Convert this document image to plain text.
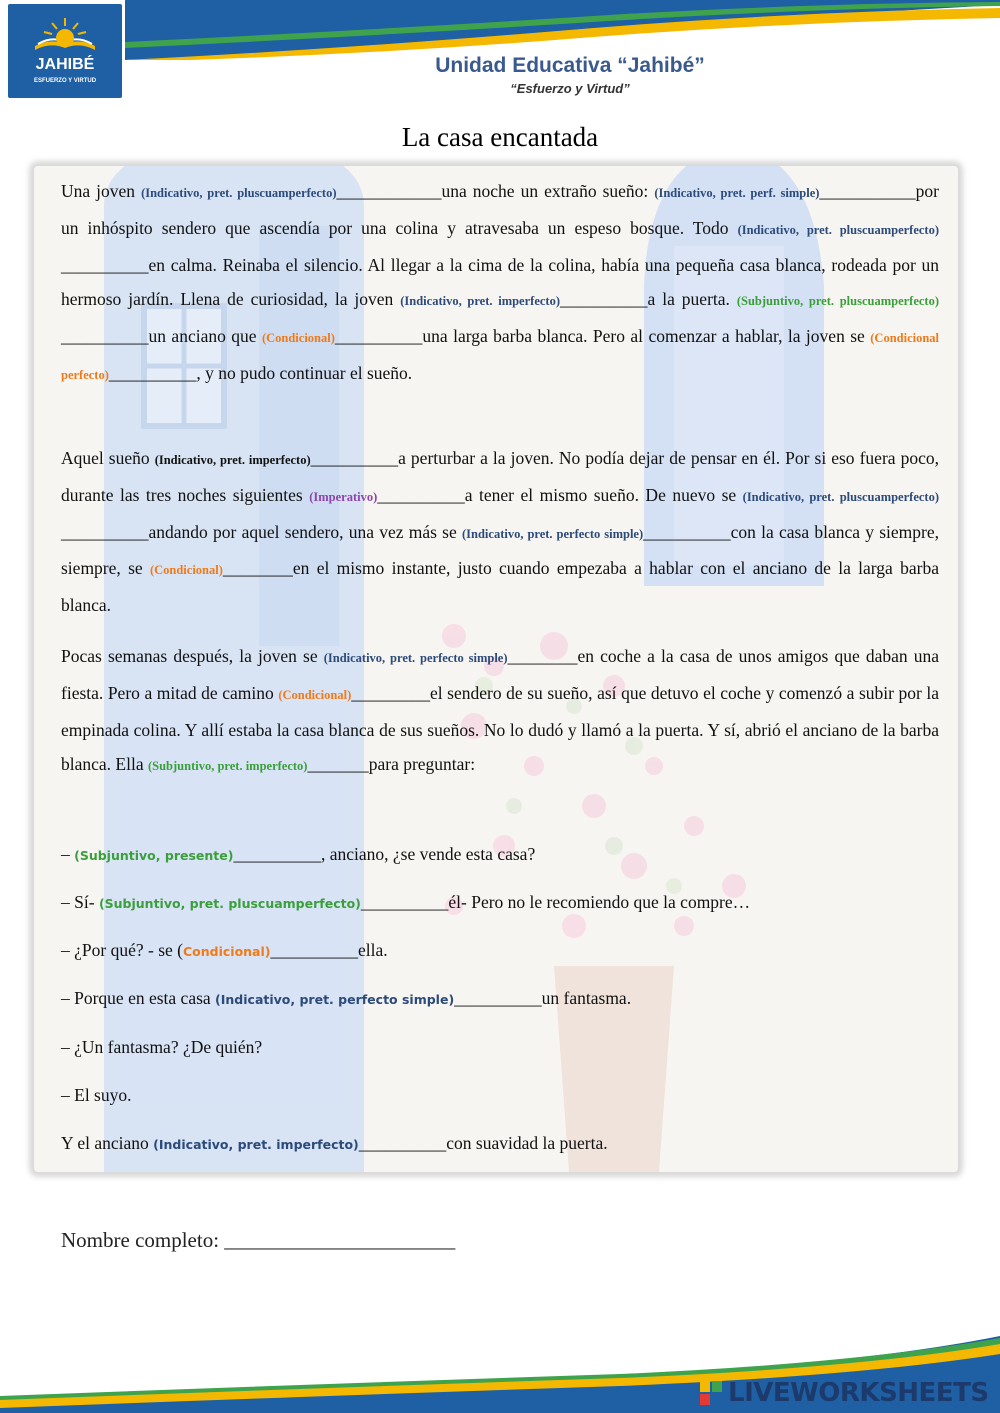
JAHIBÉ
ESFUERZO Y VIRTUD
Unidad Educativa “Jahibé”
“Esfuerzo y Virtud”
La casa encantada

Una joven (Indicativo, pret. pluscuamperfecto)____________una noche un extraño sueño: (Indicativo, pret. perf. simple)___________por un inhóspito sendero que ascendía por una colina y atravesaba un espeso bosque. Todo (Indicativo, pret. pluscuamperfecto)__________en calma. Reinaba el silencio. Al llegar a la cima de la colina, había una pequeña casa blanca, rodeada por un hermoso jardín. Llena de curiosidad, la joven (Indicativo, pret. imperfecto)__________a la puerta. (Subjuntivo, pret. pluscuamperfecto)__________un anciano que (Condicional)__________una larga barba blanca. Pero al comenzar a hablar, la joven se (Condicional perfecto)__________, y no pudo continuar el sueño.

Aquel sueño (Indicativo, pret. imperfecto)__________a perturbar a la joven. No podía dejar de pensar en él. Por si eso fuera poco, durante las tres noches siguientes (Imperativo)__________a tener el mismo sueño. De nuevo se (Indicativo, pret. pluscuamperfecto)__________andando por aquel sendero, una vez más se (Indicativo, pret. perfecto simple)__________con la casa blanca y siempre, siempre, se (Condicional)________en el mismo instante, justo cuando empezaba a hablar con el anciano de la larga barba blanca.

Pocas semanas después, la joven se (Indicativo, pret. perfecto simple)________en coche a la casa de unos amigos que daban una fiesta. Pero a mitad de camino (Condicional)_________el sendero de su sueño, así que detuvo el coche y comenzó a subir por la empinada colina. Y allí estaba la casa blanca de sus sueños. No lo dudó y llamó a la puerta. Y sí, abrió el anciano de la barba blanca. Ella (Subjuntivo, pret. imperfecto)_______para preguntar:

– (Subjuntivo, presente)__________, anciano, ¿se vende esta casa?
– Sí- (Subjuntivo, pret. pluscuamperfecto)__________él- Pero no le recomiendo que la compre…
– ¿Por qué? - se (Condicional)__________ella.
– Porque en esta casa (Indicativo, pret. perfecto simple)__________un fantasma.
– ¿Un fantasma? ¿De quién?
– El suyo.
Y el anciano (Indicativo, pret. imperfecto)__________con suavidad la puerta.
Nombre completo: ______________________
LIVEWORKSHEETS
